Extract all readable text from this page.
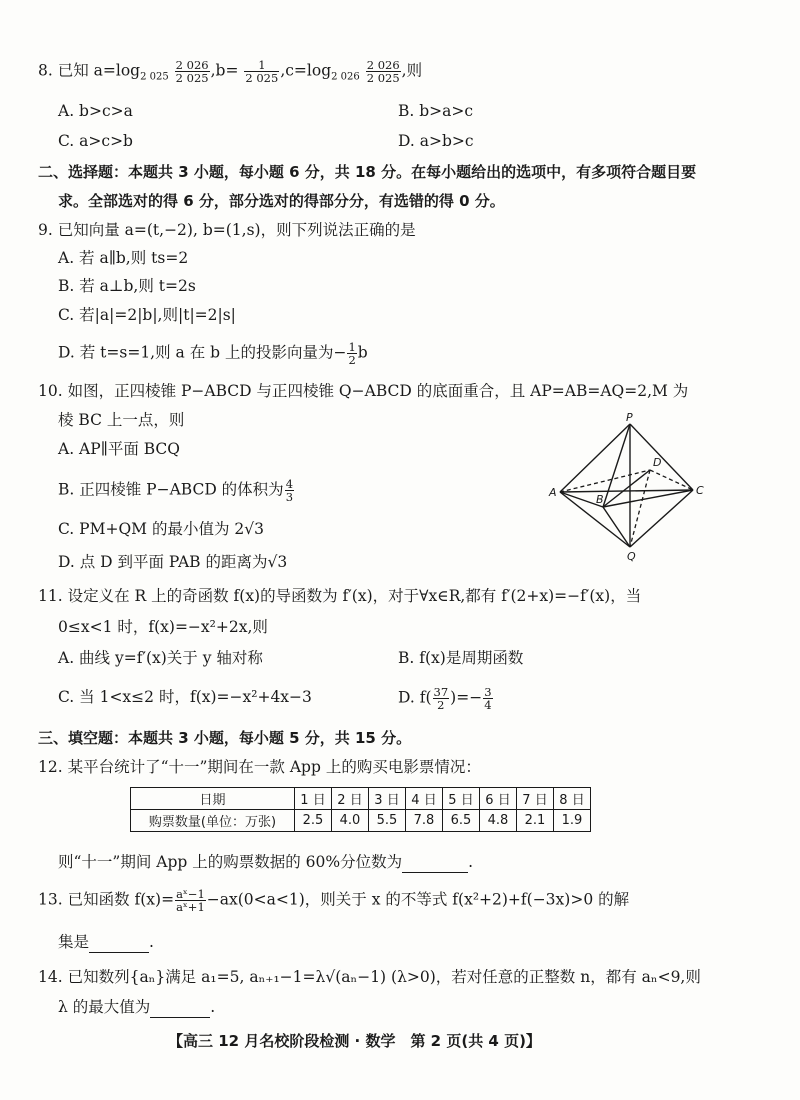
8. 已知 $a=\log_{2 025} \frac{2 026}{2 025} ,b= \frac{1}{2 025} ,c=\log_{2 026} \frac{2 026}{2 025}$ ,则
A. b>c>a	B. b>a>c
C. a>c>b	D. a>b>c
二、选择题：本题共 3 小题，每小题 6 分，共 18 分。在每小题给出的选项中，有多项符合题目要
求。全部选对的得 6 分，部分选对的得部分分，有选错的得 0 分。
9. 已知向量 a=(t,−2), b=(1,s)，则下列说法正确的是
A. 若 a∥b,则 ts=2
B. 若 a⊥b,则 t=2s
C. 若|a|=2|b|,则|t|=2|s|
D. 若 t=s=1,则 a 在 b 上的投影向量为− $\frac{1}{2}$ b
10. 如图，正四棱锥 P−ABCD 与正四棱锥 Q−ABCD 的底面重合，且 AP=AB=AQ=2,M 为
棱 BC 上一点，则
A. AP∥平面 BCQ
B. 正四棱锥 P−ABCD 的体积为 $\frac{4}{3}$
C. PM+QM 的最小值为 2√3
D. 点 D 到平面 PAB 的距离为√3
P
D
A
B
C
Q
11. 设定义在 R 上的奇函数 f(x)的导函数为 f′(x)，对于∀x∈R,都有 f′(2+x)=−f′(x)，当
0≤x<1 时，f(x)=−x²+2x,则
A. 曲线 y=f′(x)关于 y 轴对称	B. f(x)是周期函数
C. 当 1<x≤2 时，f(x)=−x²+4x−3	D. $f( \frac{37}{2}$ )=− $\frac{3}{4}$
三、填空题：本题共 3 小题，每小题 5 分，共 15 分。
12. 某平台统计了“十一”期间在一款 App 上的购买电影票情况：
日期	1 日	2 日	3 日	4 日	5 日	6 日	7 日	8 日
购票数量(单位：万张)	2.5	4.0	5.5	7.8	6.5	4.8	2.1	1.9
则“十一”期间 App 上的购票数据的 60%分位数为	.
13. 已知函数 $f(x)= \frac{\text{aˣ−1}}{\text{aˣ+1}} -ax(0<a<1)$，则关于 x 的不等式 f(x²+2)+f(−3x)>0 的解
集是	.
14. 已知数列{aₙ}满足 a₁=5, aₙ₊₁−1=λ√(aₙ−1) (λ>0)，若对任意的正整数 n，都有 aₙ<9,则
λ 的最大值为	.
【高三 12 月名校阶段检测 · 数学　第 2 页(共 4 页)】
